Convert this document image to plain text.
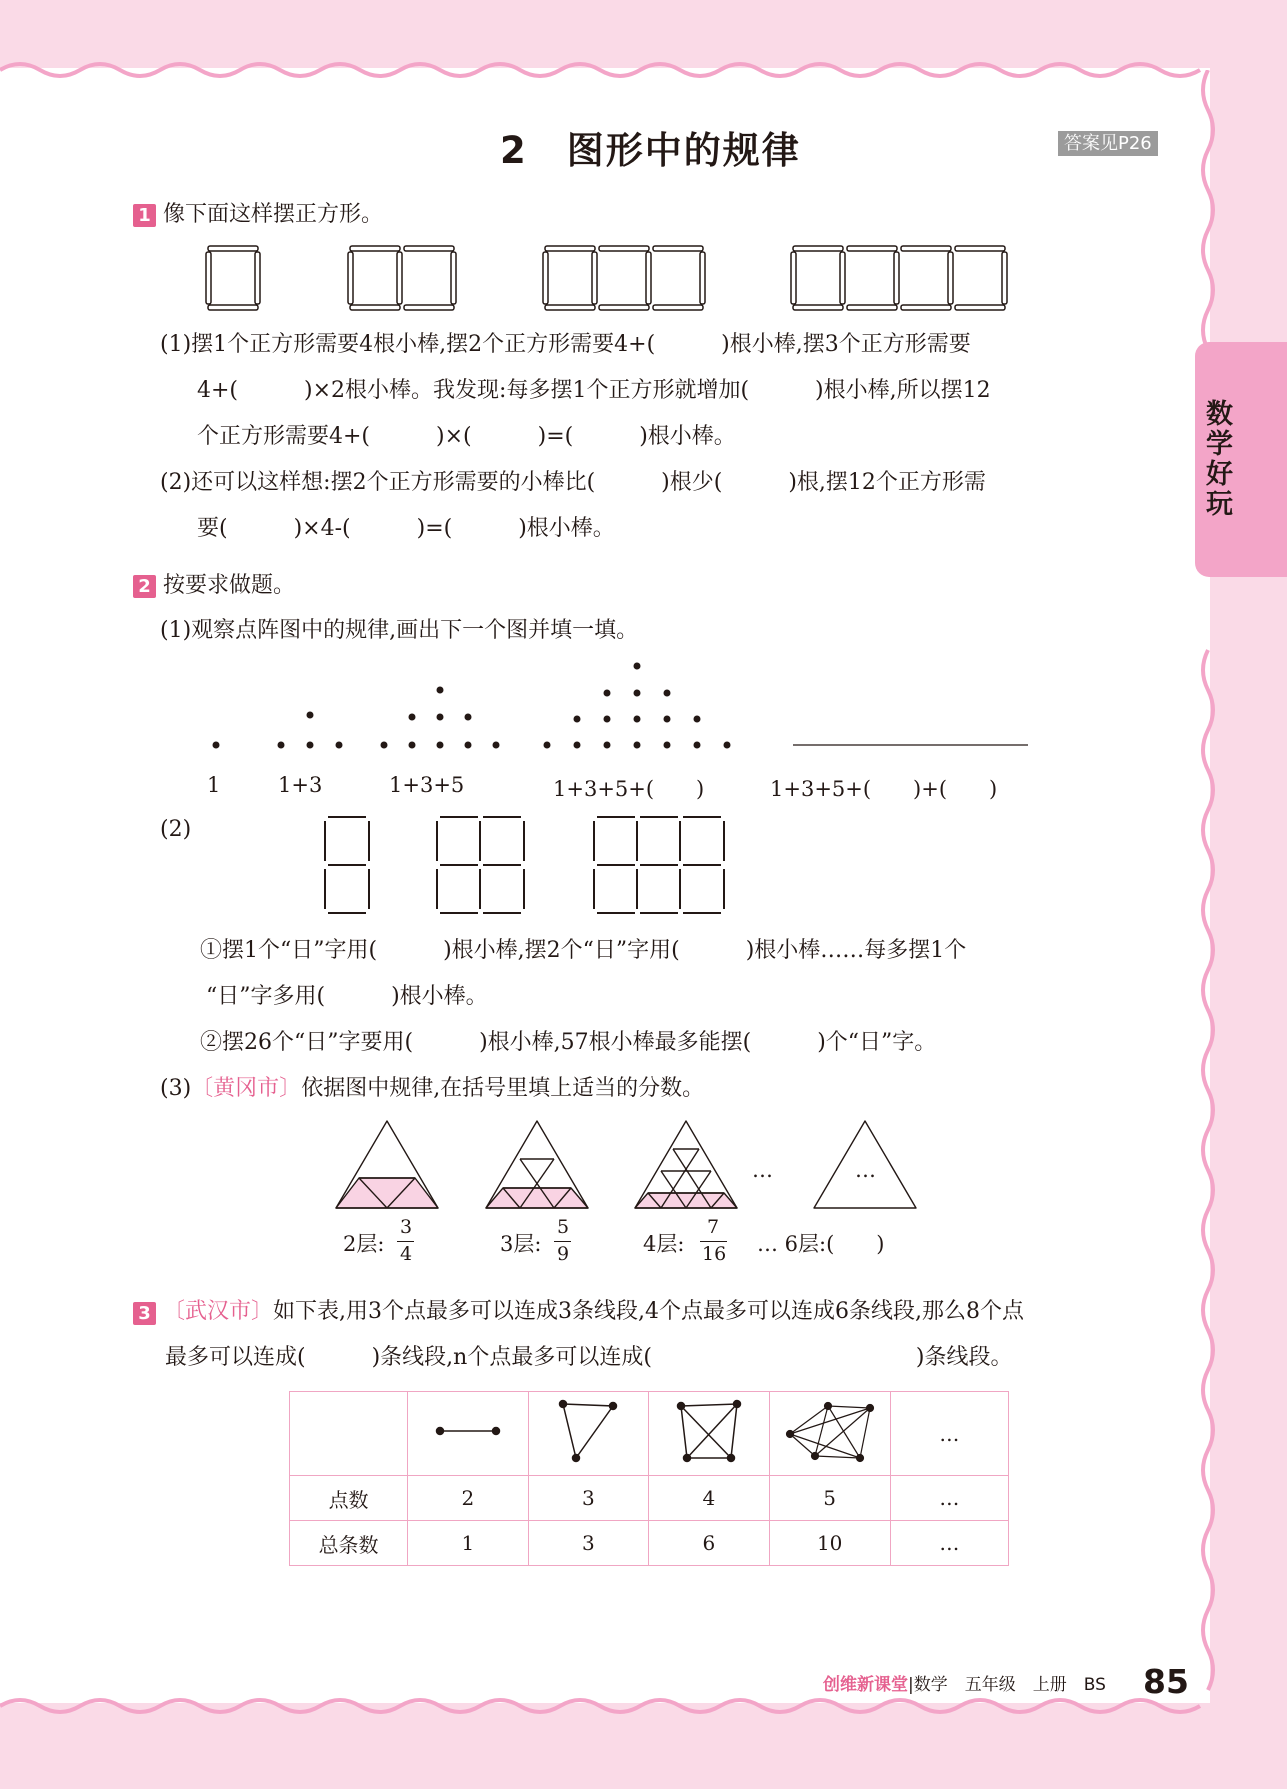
数学好玩
2　图形中的规律	答案见P26
1 像下面这样摆正方形。
(1)摆1个正方形需要4根小棒,摆2个正方形需要4+(　　　)根小棒,摆3个正方形需要
4+(　　　)×2根小棒。我发现:每多摆1个正方形就增加(　　　)根小棒,所以摆12
个正方形需要4+(　　　)×(　　　)=(　　　)根小棒。
(2)还可以这样想:摆2个正方形需要的小棒比(　　　)根少(　　　)根,摆12个正方形需
要(　　　)×4-(　　　)=(　　　)根小棒。
2 按要求做题。
(1)观察点阵图中的规律,画出下一个图并填一填。
1	1+3	1+3+5	1+3+5+(　　)	1+3+5+(　　)+(　　)
(2)
①摆1个“日”字用(　　　)根小棒,摆2个“日”字用(　　　)根小棒……每多摆1个
“日”字多用(　　　)根小棒。
②摆26个“日”字要用(　　　)根小棒,57根小棒最多能摆(　　　)个“日”字。
(3)〔黄冈市〕依据图中规律,在括号里填上适当的分数。
…	…
2层:
3
4	3层:
5
9	4层:
7
16 … 6层:(　　)
3 〔武汉市〕如下表,用3个点最多可以连成3条线段,4个点最多可以连成6条线段,那么8个点
最多可以连成(　　　)条线段,n个点最多可以连成(　　　　　　　　　　　　)条线段。
					…
点数	2	3	4	5	…
总条数	1	3	6	10	…
创维新课堂|数学　五年级　上册　BS 85
